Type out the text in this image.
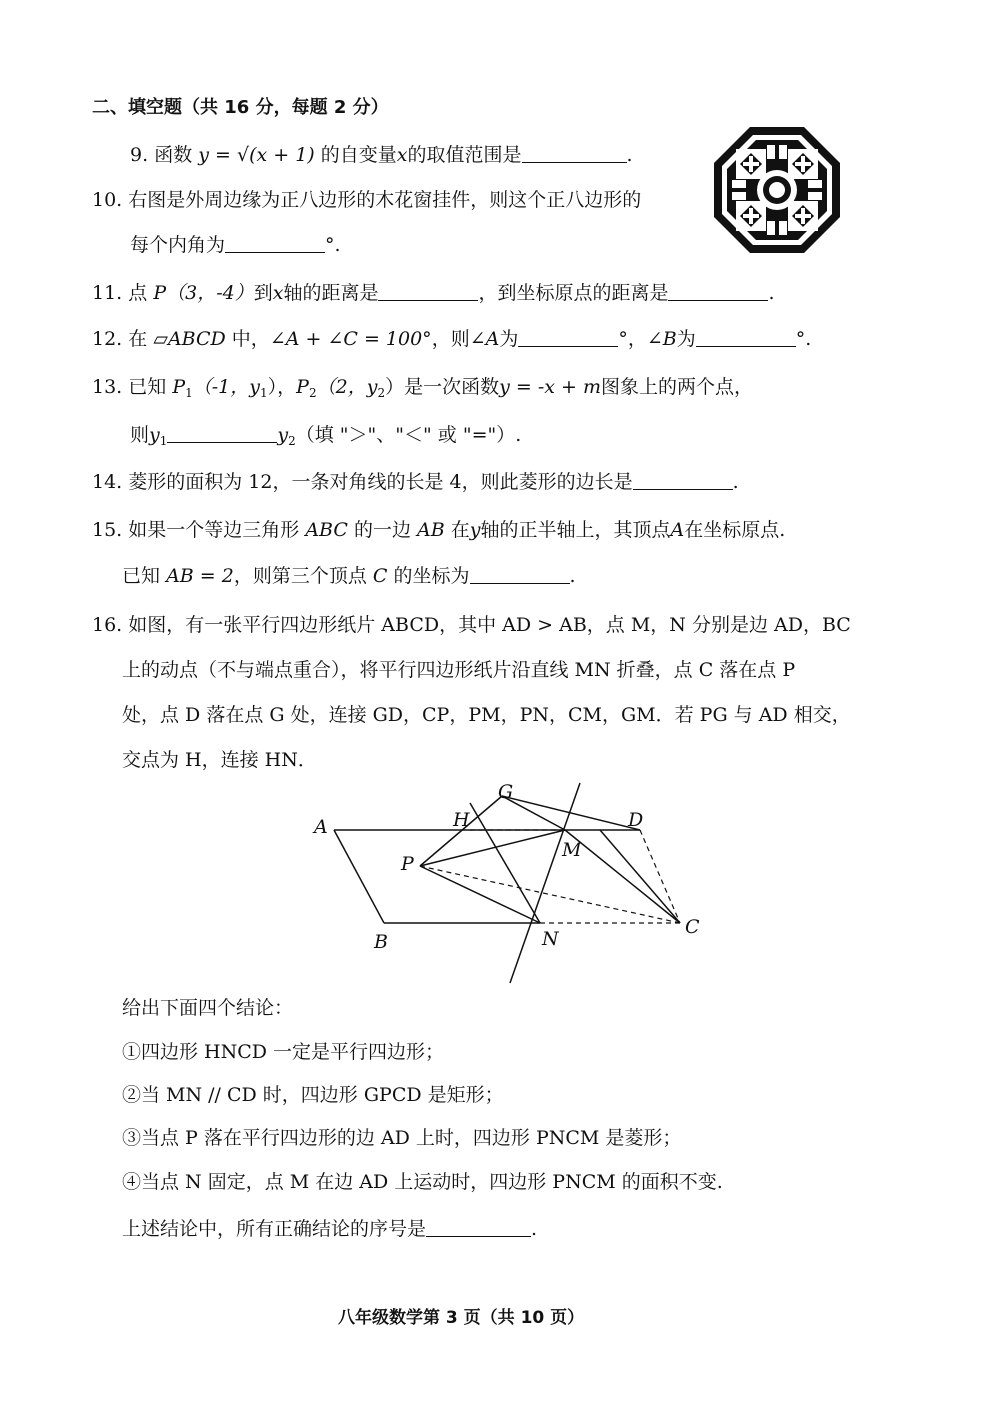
二、填空题（共 16 分，每题 2 分）
9. 函数 y = √(x + 1) 的自变量x的取值范围是	.
10. 右图是外周边缘为正八边形的木花窗挂件，则这个正八边形的
每个内角为	°.
11. 点 P（3，-4）到x轴的距离是	，到坐标原点的距离是	.
12. 在 ▱ABCD 中，∠A + ∠C = 100°，则∠A为	°，∠B为	°.
13. 已知 $P_1(-1$，$y_1$），$P_2(2$，$y_2$）是一次函数y = -x + m图象上的两个点，
则$y_1$	$y_2$（填 "＞"、"＜" 或 "="）.
14. 菱形的面积为 12，一条对角线的长是 4，则此菱形的边长是	.
15. 如果一个等边三角形 ABC 的一边 AB 在y轴的正半轴上，其顶点A在坐标原点.
已知 AB = 2，则第三个顶点 C 的坐标为	.
16. 如图，有一张平行四边形纸片 ABCD，其中 AD > AB，点 M，N 分别是边 AD，BC
上的动点（不与端点重合），将平行四边形纸片沿直线 MN 折叠，点 C 落在点 P
处，点 D 落在点 G 处，连接 GD，CP，PM，PN，CM，GM．若 PG 与 AD 相交，
交点为 H，连接 HN．
A
B
C
D
G
H
M
N
P
给出下面四个结论：
①四边形 HNCD 一定是平行四边形；
②当 MN // CD 时，四边形 GPCD 是矩形；
③当点 P 落在平行四边形的边 AD 上时，四边形 PNCM 是菱形；
④当点 N 固定，点 M 在边 AD 上运动时，四边形 PNCM 的面积不变.
上述结论中，所有正确结论的序号是	.
八年级数学第 3 页（共 10 页）
